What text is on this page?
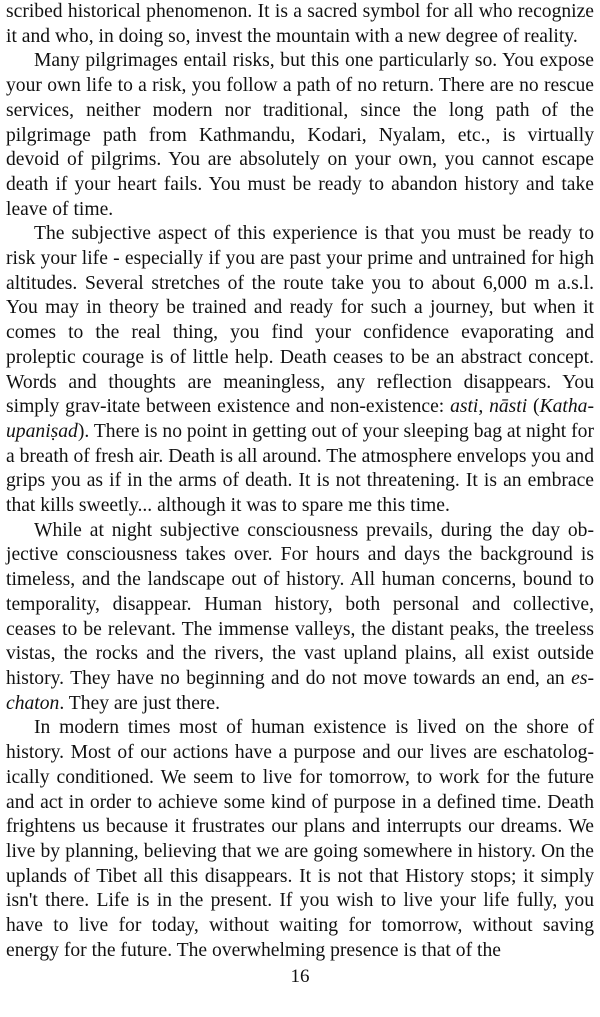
scribed historical phenomenon. It is a sacred symbol for all who recognize it and who, in doing so, invest the mountain with a new degree of reality.

Many pilgrimages entail risks, but this one particularly so. You expose your own life to a risk, you follow a path of no return. There are no rescue services, neither modern nor traditional, since the long path of the pilgrimage path from Kathmandu, Kodari, Nyalam, etc., is virtually devoid of pilgrims. You are absolutely on your own, you cannot escape death if your heart fails. You must be ready to abandon history and take leave of time.

The subjective aspect of this experience is that you must be ready to risk your life - especially if you are past your prime and untrained for high altitudes. Several stretches of the route take you to about 6,000 m a.s.l. You may in theory be trained and ready for such a journey, but when it comes to the real thing, you find your confidence evaporating and proleptic courage is of little help. Death ceases to be an abstract concept. Words and thoughts are meaningless, any reflection disappears. You simply grav-itate between existence and non-existence: asti, nāsti (Katha-upaniṣad). There is no point in getting out of your sleeping bag at night for a breath of fresh air. Death is all around. The atmosphere envelops you and grips you as if in the arms of death. It is not threatening. It is an embrace that kills sweetly... although it was to spare me this time.

While at night subjective consciousness prevails, during the day ob-jective consciousness takes over. For hours and days the background is timeless, and the landscape out of history. All human concerns, bound to temporality, disappear. Human history, both personal and collective, ceases to be relevant. The immense valleys, the distant peaks, the treeless vistas, the rocks and the rivers, the vast upland plains, all exist outside history. They have no beginning and do not move towards an end, an es-chaton. They are just there.

In modern times most of human existence is lived on the shore of history. Most of our actions have a purpose and our lives are eschatolog-ically conditioned. We seem to live for tomorrow, to work for the future and act in order to achieve some kind of purpose in a defined time. Death frightens us because it frustrates our plans and interrupts our dreams. We live by planning, believing that we are going somewhere in history. On the uplands of Tibet all this disappears. It is not that History stops; it simply isn't there. Life is in the present. If you wish to live your life fully, you have to live for today, without waiting for tomorrow, without saving energy for the future. The overwhelming presence is that of the

16
